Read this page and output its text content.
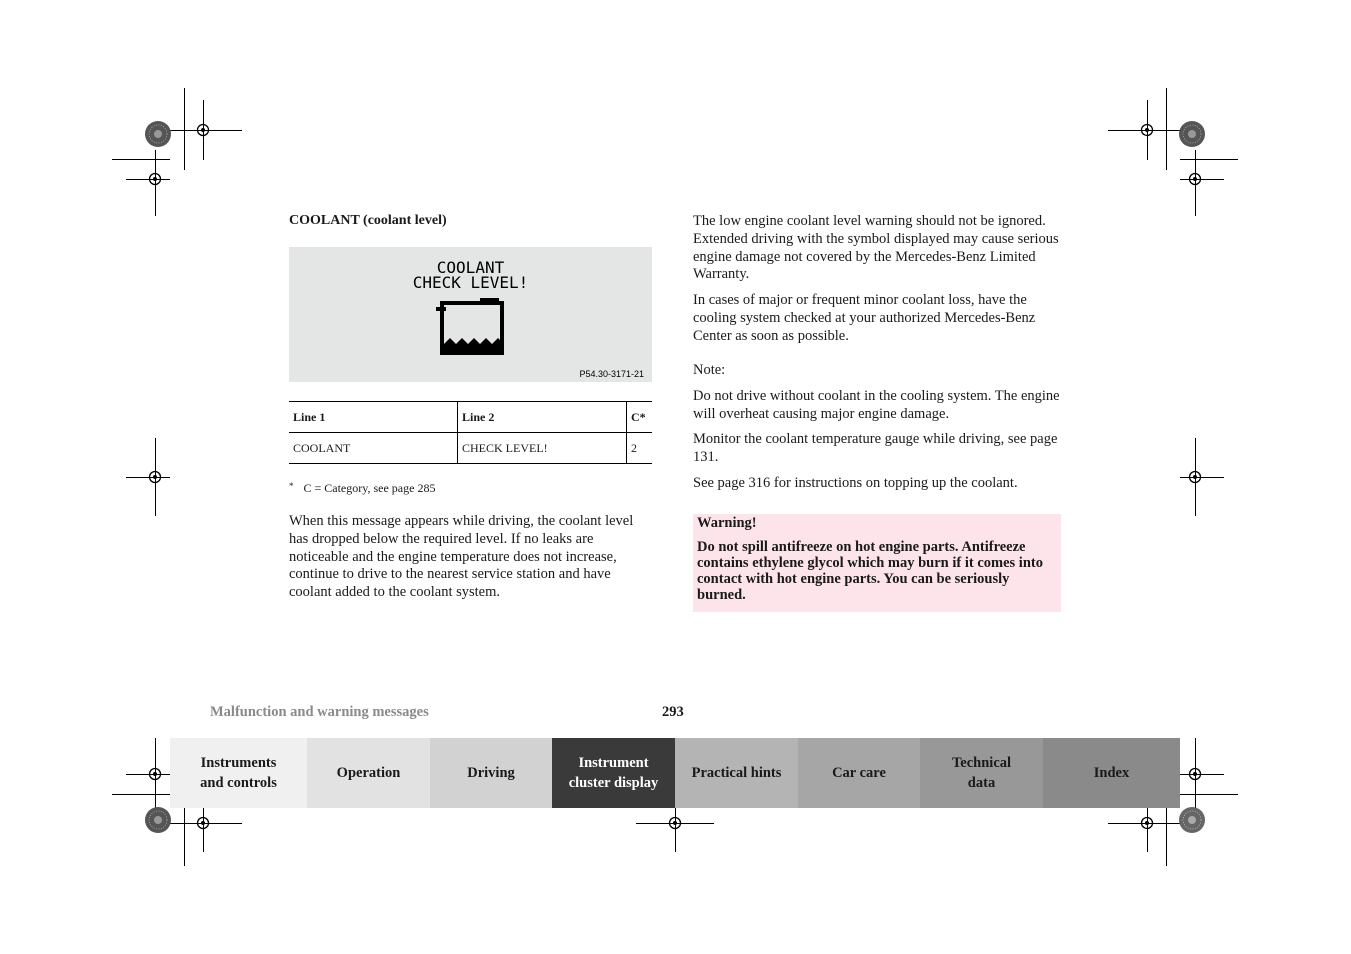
COOLANT (coolant level)
COOLANT
CHECK LEVEL!
P54.30-3171-21
Line 1	Line 2	C*
COOLANT	CHECK LEVEL!	2
* C = Category, see page 285
When this message appears while driving, the coolant level has dropped below the required level. If no leaks are noticeable and the engine temperature does not increase, continue to drive to the nearest service station and have coolant added to the coolant system.

The low engine coolant level warning should not be ignored. Extended driving with the symbol displayed may cause serious engine damage not covered by the Mercedes-Benz Limited Warranty.

In cases of major or frequent minor coolant loss, have the cooling system checked at your authorized Mercedes-Benz Center as soon as possible.

Note:

Do not drive without coolant in the cooling system. The engine will overheat causing major engine damage.

Monitor the coolant temperature gauge while driving, see page 131.

See page 316 for instructions on topping up the coolant.

Warning!
Do not spill antifreeze on hot engine parts. Antifreeze contains ethylene glycol which may burn if it comes into contact with hot engine parts. You can be seriously burned.
Malfunction and warning messages	293
Instruments
and controls
Operation	Driving
Instrument
cluster display
Practical hints	Car care
Technical
data
Index
